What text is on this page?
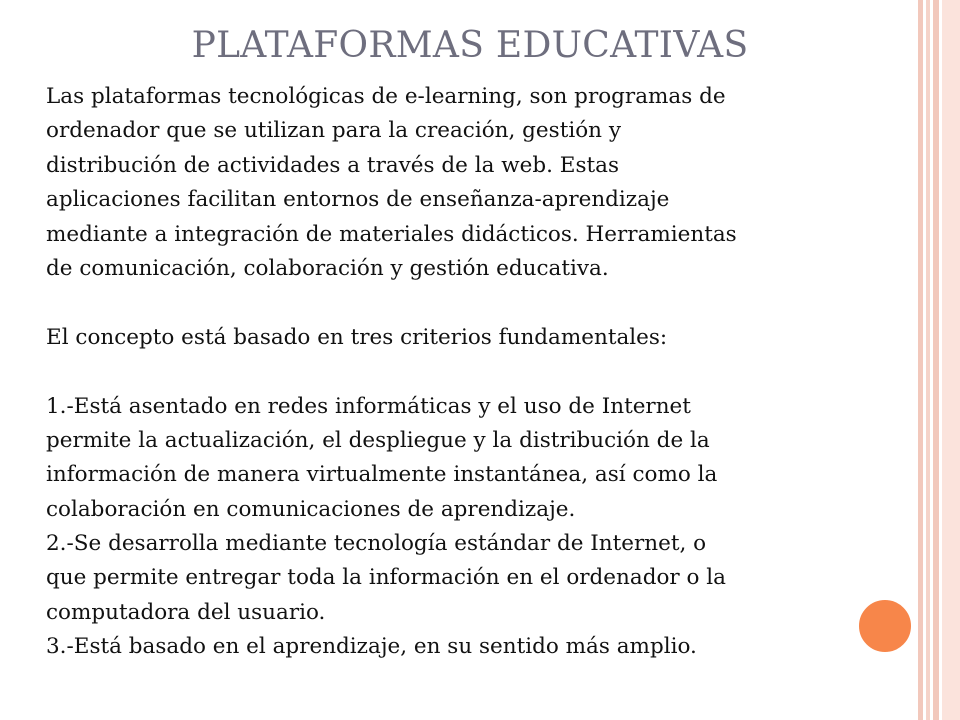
PLATAFORMAS EDUCATIVAS
Las plataformas tecnológicas de e-learning, son programas de
ordenador que se utilizan para la creación, gestión y
distribución de actividades a través de la web. Estas
aplicaciones facilitan entornos de enseñanza-aprendizaje
mediante a integración de materiales didácticos. Herramientas
de comunicación, colaboración y gestión educativa.
El concepto está basado en tres criterios fundamentales:
1.-Está asentado en redes informáticas y el uso de Internet
permite la actualización, el despliegue y la distribución de la
información de manera virtualmente instantánea, así como la
colaboración en comunicaciones de aprendizaje.
2.-Se desarrolla mediante tecnología estándar de Internet, o
que permite entregar toda la información en el ordenador o la
computadora del usuario.
3.-Está basado en el aprendizaje, en su sentido más amplio.
